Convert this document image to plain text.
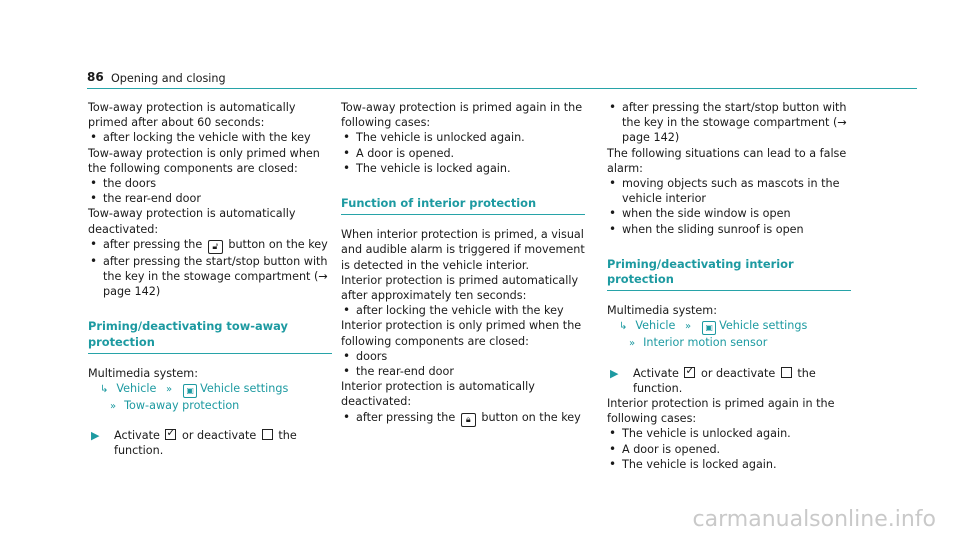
86 Opening and closing

Tow-away protection is automatically primed after about 60 seconds:

• after locking the vehicle with the key

Tow-away protection is only primed when the following components are closed:

• the doors

• the rear-end door

Tow-away protection is automatically deactivated:

• after pressing the 🔓︎ button on the key

• after pressing the start/stop button with the key in the stowage compartment (→ page 142)

Priming/deactivating tow-away protection

Multimedia system:

↳ Vehicle » ▣ Vehicle settings

» Tow-away protection

▶ Activate ✓ or deactivate the function.

Tow-away protection is primed again in the following cases:

• The vehicle is unlocked again.

• A door is opened.

• The vehicle is locked again.

Function of interior protection

When interior protection is primed, a visual and audible alarm is triggered if movement is detected in the vehicle interior.

Interior protection is primed automatically after approximately ten seconds:

• after locking the vehicle with the key

Interior protection is only primed when the following components are closed:

• doors

• the rear-end door

Interior protection is automatically deactivated:

• after pressing the 🔒︎ button on the key

• after pressing the start/stop button with the key in the stowage compartment (→ page 142)

The following situations can lead to a false alarm:

• moving objects such as mascots in the vehicle interior

• when the side window is open

• when the sliding sunroof is open

Priming/deactivating interior protection

Multimedia system:

↳ Vehicle » ▣ Vehicle settings

» Interior motion sensor

▶ Activate ✓ or deactivate the function.

Interior protection is primed again in the following cases:

• The vehicle is unlocked again.

• A door is opened.

• The vehicle is locked again.

carmanualsonline.info
